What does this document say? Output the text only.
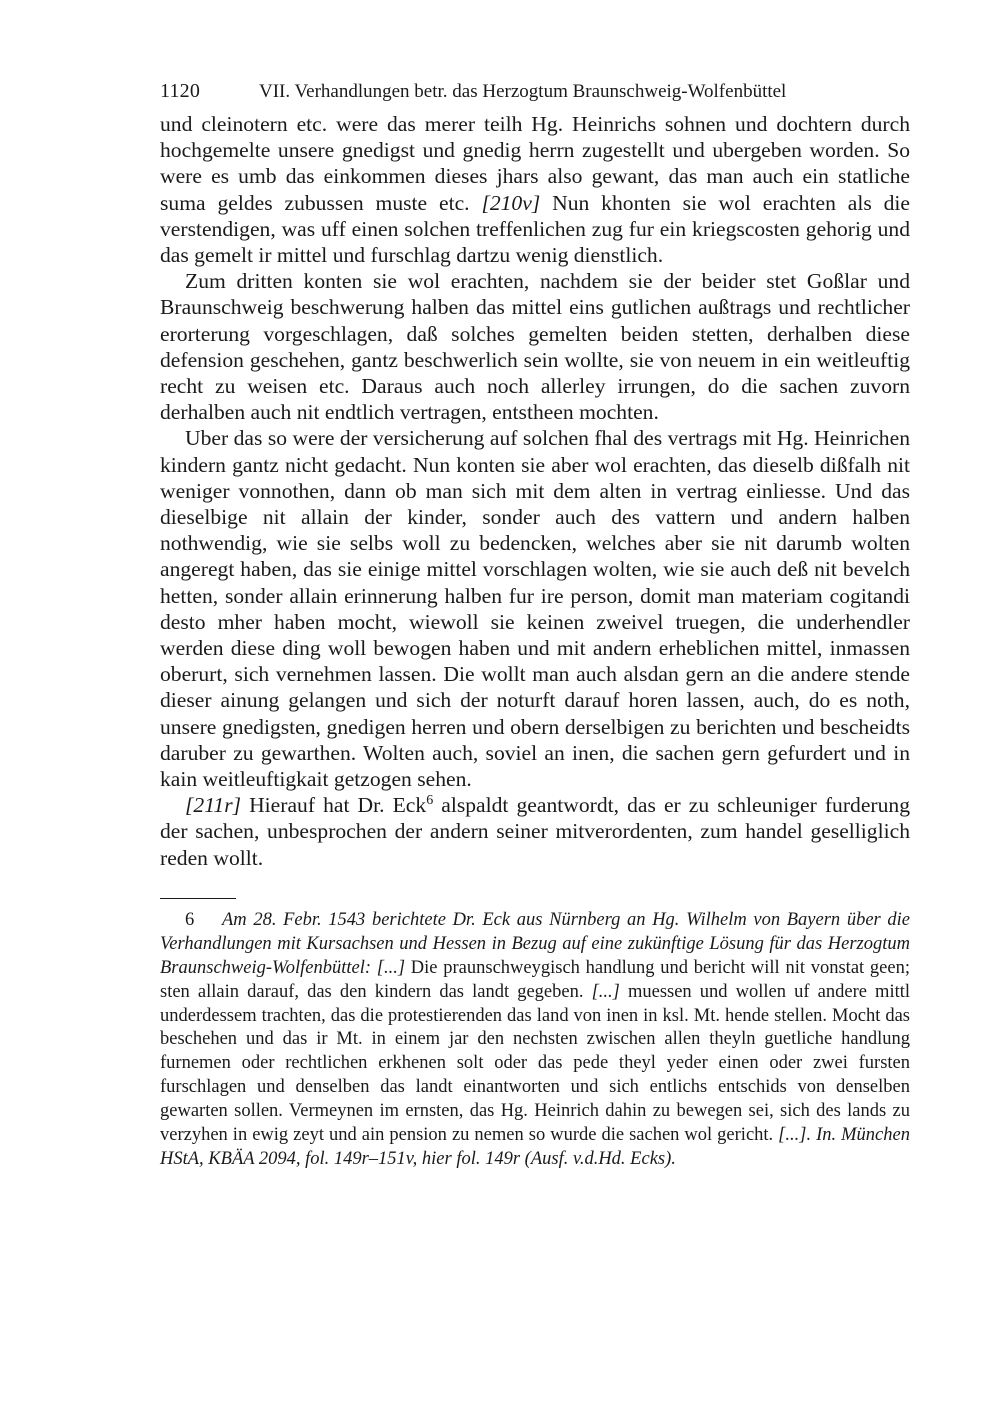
1120	VII. Verhandlungen betr. das Herzogtum Braunschweig-Wolfenbüttel

und cleinotern etc. were das merer teilh Hg. Heinrichs sohnen und dochtern durch hochgemelte unsere gnedigst und gnedig herrn zugestellt und ubergeben worden. So were es umb das einkommen dieses jhars also gewant, das man auch ein statliche suma geldes zubussen muste etc. [210v] Nun khonten sie wol erachten als die verstendigen, was uff einen solchen treffenlichen zug fur ein kriegscosten gehorig und das gemelt ir mittel und furschlag dartzu wenig dienstlich.

Zum dritten konten sie wol erachten, nachdem sie der beider stet Goßlar und Braunschweig beschwerung halben das mittel eins gutlichen außtrags und rechtlicher erorterung vorgeschlagen, daß solches gemelten beiden stetten, derhalben diese defension geschehen, gantz beschwerlich sein wollte, sie von neuem in ein weitleuftig recht zu weisen etc. Daraus auch noch allerley irrungen, do die sachen zuvorn derhalben auch nit endtlich vertragen, entstheen mochten.

Uber das so were der versicherung auf solchen fhal des vertrags mit Hg. Heinrichen kindern gantz nicht gedacht. Nun konten sie aber wol erachten, das dieselb dißfalh nit weniger vonnothen, dann ob man sich mit dem alten in vertrag einliesse. Und das dieselbige nit allain der kinder, sonder auch des vattern und andern halben nothwendig, wie sie selbs woll zu bedencken, welches aber sie nit darumb wolten angeregt haben, das sie einige mittel vorschlagen wolten, wie sie auch deß nit bevelch hetten, sonder allain erinnerung halben fur ire person, domit man materiam cogitandi desto mher haben mocht, wiewoll sie keinen zweivel truegen, die underhendler werden diese ding woll bewogen haben und mit andern erheblichen mittel, inmassen oberurt, sich vernehmen lassen. Die wollt man auch alsdan gern an die andere stende dieser ainung gelangen und sich der noturft darauf horen lassen, auch, do es noth, unsere gnedigsten, gnedigen herren und obern derselbigen zu berichten und bescheidts daruber zu gewarthen. Wolten auch, soviel an inen, die sachen gern gefurdert und in kain weitleuftigkait getzogen sehen.

[211r] Hierauf hat Dr. Eck$^6$ alspaldt geantwordt, das er zu schleuniger furderung der sachen, unbesprochen der andern seiner mitverordenten, zum handel geselliglich reden wollt.

6 Am 28. Febr. 1543 berichtete Dr. Eck aus Nürnberg an Hg. Wilhelm von Bayern über die Verhandlungen mit Kursachsen und Hessen in Bezug auf eine zukünftige Lösung für das Herzogtum Braunschweig-Wolfenbüttel: [...] Die praunschweygisch handlung und bericht will nit vonstat geen; sten allain darauf, das den kindern das landt gegeben. [...] muessen und wollen uf andere mittl underdessem trachten, das die protestierenden das land von inen in ksl. Mt. hende stellen. Mocht das beschehen und das ir Mt. in einem jar den nechsten zwischen allen theyln guetliche handlung furnemen oder rechtlichen erkhenen solt oder das pede theyl yeder einen oder zwei fursten furschlagen und denselben das landt einantworten und sich entlichs entschids von denselben gewarten sollen. Vermeynen im ernsten, das Hg. Heinrich dahin zu bewegen sei, sich des lands zu verzyhen in ewig zeyt und ain pension zu nemen so wurde die sachen wol gericht. [...]. In. München HStA, KBÄA 2094, fol. 149r–151v, hier fol. 149r (Ausf. v.d.Hd. Ecks).
